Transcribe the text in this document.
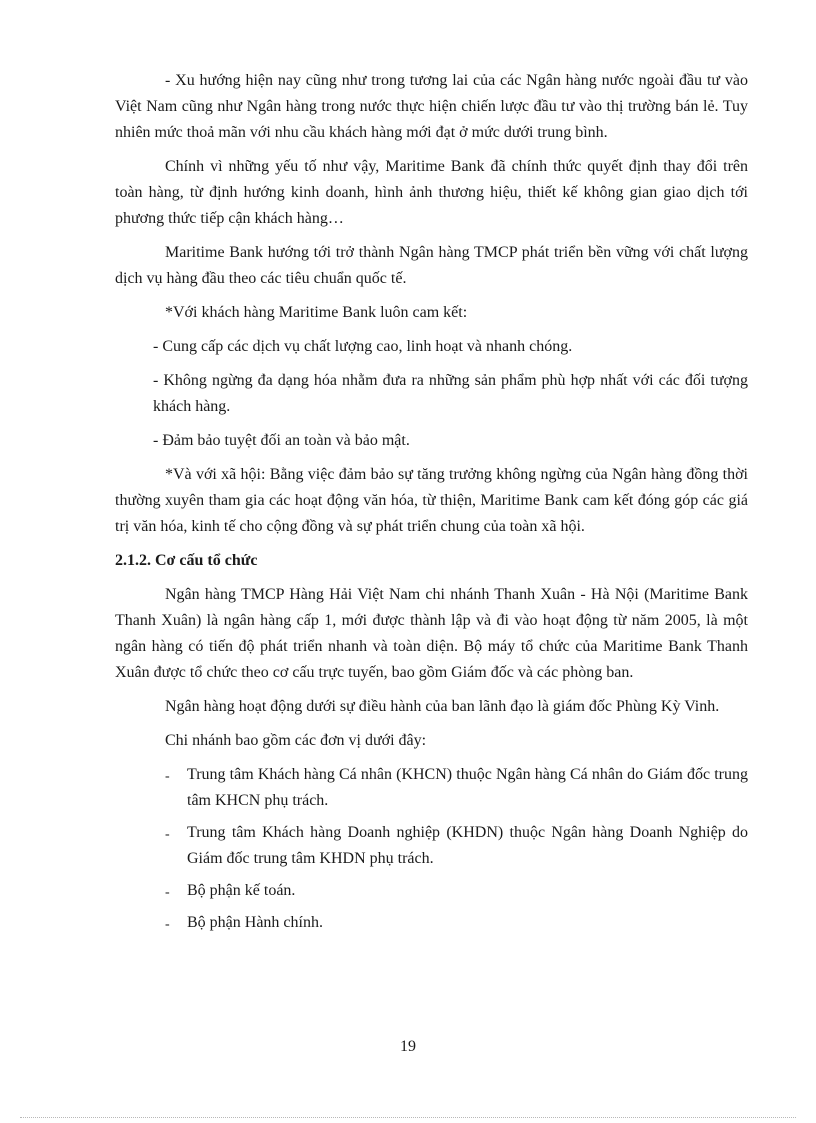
- Xu hướng hiện nay cũng như trong tương lai của các Ngân hàng nước ngoài đầu tư vào Việt Nam cũng như Ngân hàng trong nước thực hiện chiến lược đầu tư vào thị trường bán lẻ. Tuy nhiên mức thoả mãn với nhu cầu khách hàng mới đạt ở mức dưới trung bình.

Chính vì những yếu tố như vậy, Maritime Bank đã chính thức quyết định thay đổi trên toàn hàng, từ định hướng kinh doanh, hình ảnh thương hiệu, thiết kế không gian giao dịch tới phương thức tiếp cận khách hàng…

Maritime Bank hướng tới trở thành Ngân hàng TMCP phát triển bền vững với chất lượng dịch vụ hàng đầu theo các tiêu chuẩn quốc tế.

*Với khách hàng Maritime Bank luôn cam kết:

- Cung cấp các dịch vụ chất lượng cao, linh hoạt và nhanh chóng.

- Không ngừng đa dạng hóa nhằm đưa ra những sản phẩm phù hợp nhất với các đối tượng khách hàng.

- Đảm bảo tuyệt đối an toàn và bảo mật.

*Và với xã hội: Bằng việc đảm bảo sự tăng trưởng không ngừng của Ngân hàng đồng thời thường xuyên tham gia các hoạt động văn hóa, từ thiện, Maritime Bank cam kết đóng góp các giá trị văn hóa, kinh tế cho cộng đồng và sự phát triển chung của toàn xã hội.

2.1.2. Cơ cấu tổ chức

Ngân hàng TMCP Hàng Hải Việt Nam chi nhánh Thanh Xuân - Hà Nội (Maritime Bank Thanh Xuân) là ngân hàng cấp 1, mới được thành lập và đi vào hoạt động từ năm 2005, là một ngân hàng có tiến độ phát triển nhanh và toàn diện. Bộ máy tổ chức của Maritime Bank Thanh Xuân được tổ chức theo cơ cấu trực tuyến, bao gồm Giám đốc và các phòng ban.

Ngân hàng hoạt động dưới sự điều hành của ban lãnh đạo là giám đốc Phùng Kỳ Vinh.

Chi nhánh bao gồm các đơn vị dưới đây:

- Trung tâm Khách hàng Cá nhân (KHCN) thuộc Ngân hàng Cá nhân do Giám đốc trung tâm KHCN phụ trách.
- Trung tâm Khách hàng Doanh nghiệp (KHDN) thuộc Ngân hàng Doanh Nghiệp do Giám đốc trung tâm KHDN phụ trách.
- Bộ phận kế toán.
- Bộ phận Hành chính.
19
